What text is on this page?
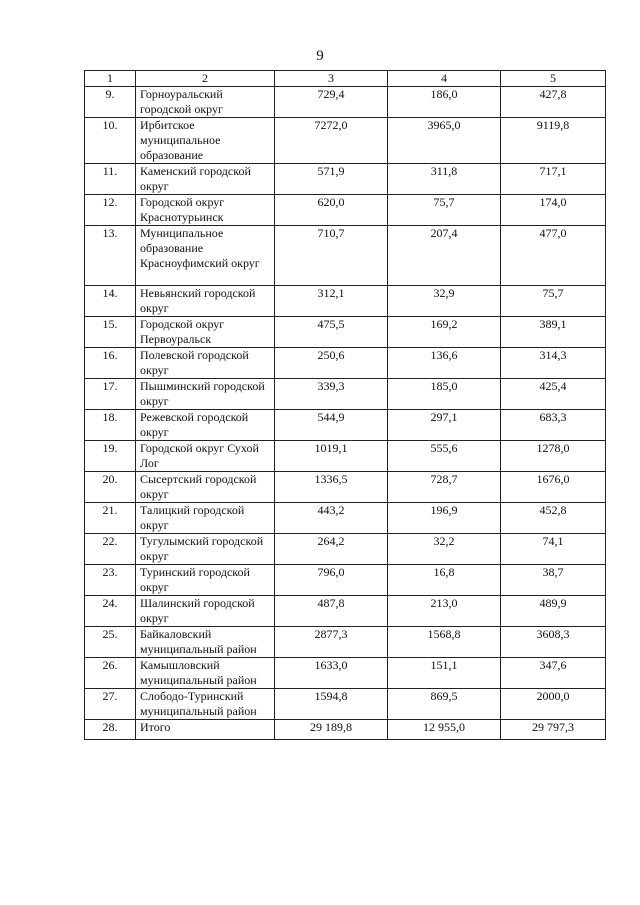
9
1	2	3	4	5
9.	Горноуральский городской округ	729,4	186,0	427,8
10.	Ирбитское муниципальное образование	7272,0	3965,0	9119,8
11.	Каменский городской округ	571,9	311,8	717,1
12.	Городской округ Краснотурьинск	620,0	75,7	174,0
13.	Муниципальное образование Красноуфимский округ	710,7	207,4	477,0
14.	Невьянский городской округ	312,1	32,9	75,7
15.	Городской округ Первоуральск	475,5	169,2	389,1
16.	Полевской городской округ	250,6	136,6	314,3
17.	Пышминский городской округ	339,3	185,0	425,4
18.	Режевской городской округ	544,9	297,1	683,3
19.	Городской округ Сухой Лог	1019,1	555,6	1278,0
20.	Сысертский городской округ	1336,5	728,7	1676,0
21.	Талицкий городской округ	443,2	196,9	452,8
22.	Тугулымский городской округ	264,2	32,2	74,1
23.	Туринский городской округ	796,0	16,8	38,7
24.	Шалинский городской округ	487,8	213,0	489,9
25.	Байкаловский муниципальный район	2877,3	1568,8	3608,3
26.	Камышловский муниципальный район	1633,0	151,1	347,6
27.	Слободо-Туринский муниципальный район	1594,8	869,5	2000,0
28.	Итого	29 189,8	12 955,0	29 797,3
